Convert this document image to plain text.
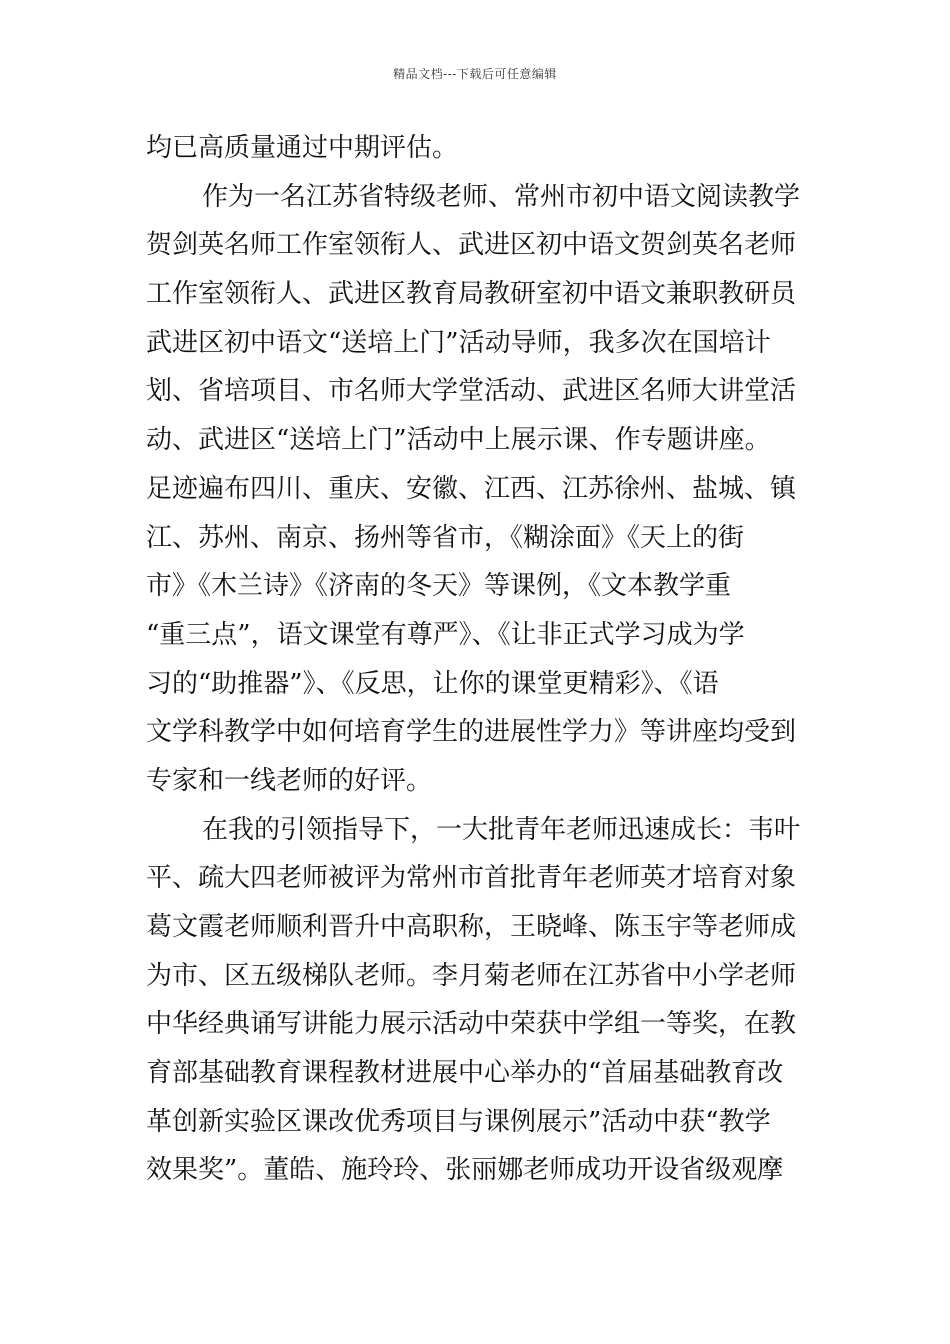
精品文档---下载后可任意编辑
均已高质量通过中期评估。
作为一名江苏省特级老师、常州市初中语文阅读教学
贺剑英名师工作室领衔人、武进区初中语文贺剑英名老师
工作室领衔人、武进区教育局教研室初中语文兼职教研员
武进区初中语文“送培上门”活动导师，我多次在国培计
划、省培项目、市名师大学堂活动、武进区名师大讲堂活
动、武进区“送培上门”活动中上展示课、作专题讲座。
足迹遍布四川、重庆、安徽、江西、江苏徐州、盐城、镇
江、苏州、南京、扬州等省市，《糊涂面》《天上的街
市》《木兰诗》《济南的冬天》等课例，《文本教学重
“重三点”，语文课堂有尊严》、《让非正式学习成为学
习的“助推器”》、《反思，让你的课堂更精彩》、《语
文学科教学中如何培育学生的进展性学力》等讲座均受到
专家和一线老师的好评。
在我的引领指导下，一大批青年老师迅速成长：韦叶
平、疏大四老师被评为常州市首批青年老师英才培育对象
葛文霞老师顺利晋升中高职称，王晓峰、陈玉宇等老师成
为市、区五级梯队老师。李月菊老师在江苏省中小学老师
中华经典诵写讲能力展示活动中荣获中学组一等奖，在教
育部基础教育课程教材进展中心举办的“首届基础教育改
革创新实验区课改优秀项目与课例展示”活动中获“教学
效果奖”。董皓、施玲玲、张丽娜老师成功开设省级观摩
